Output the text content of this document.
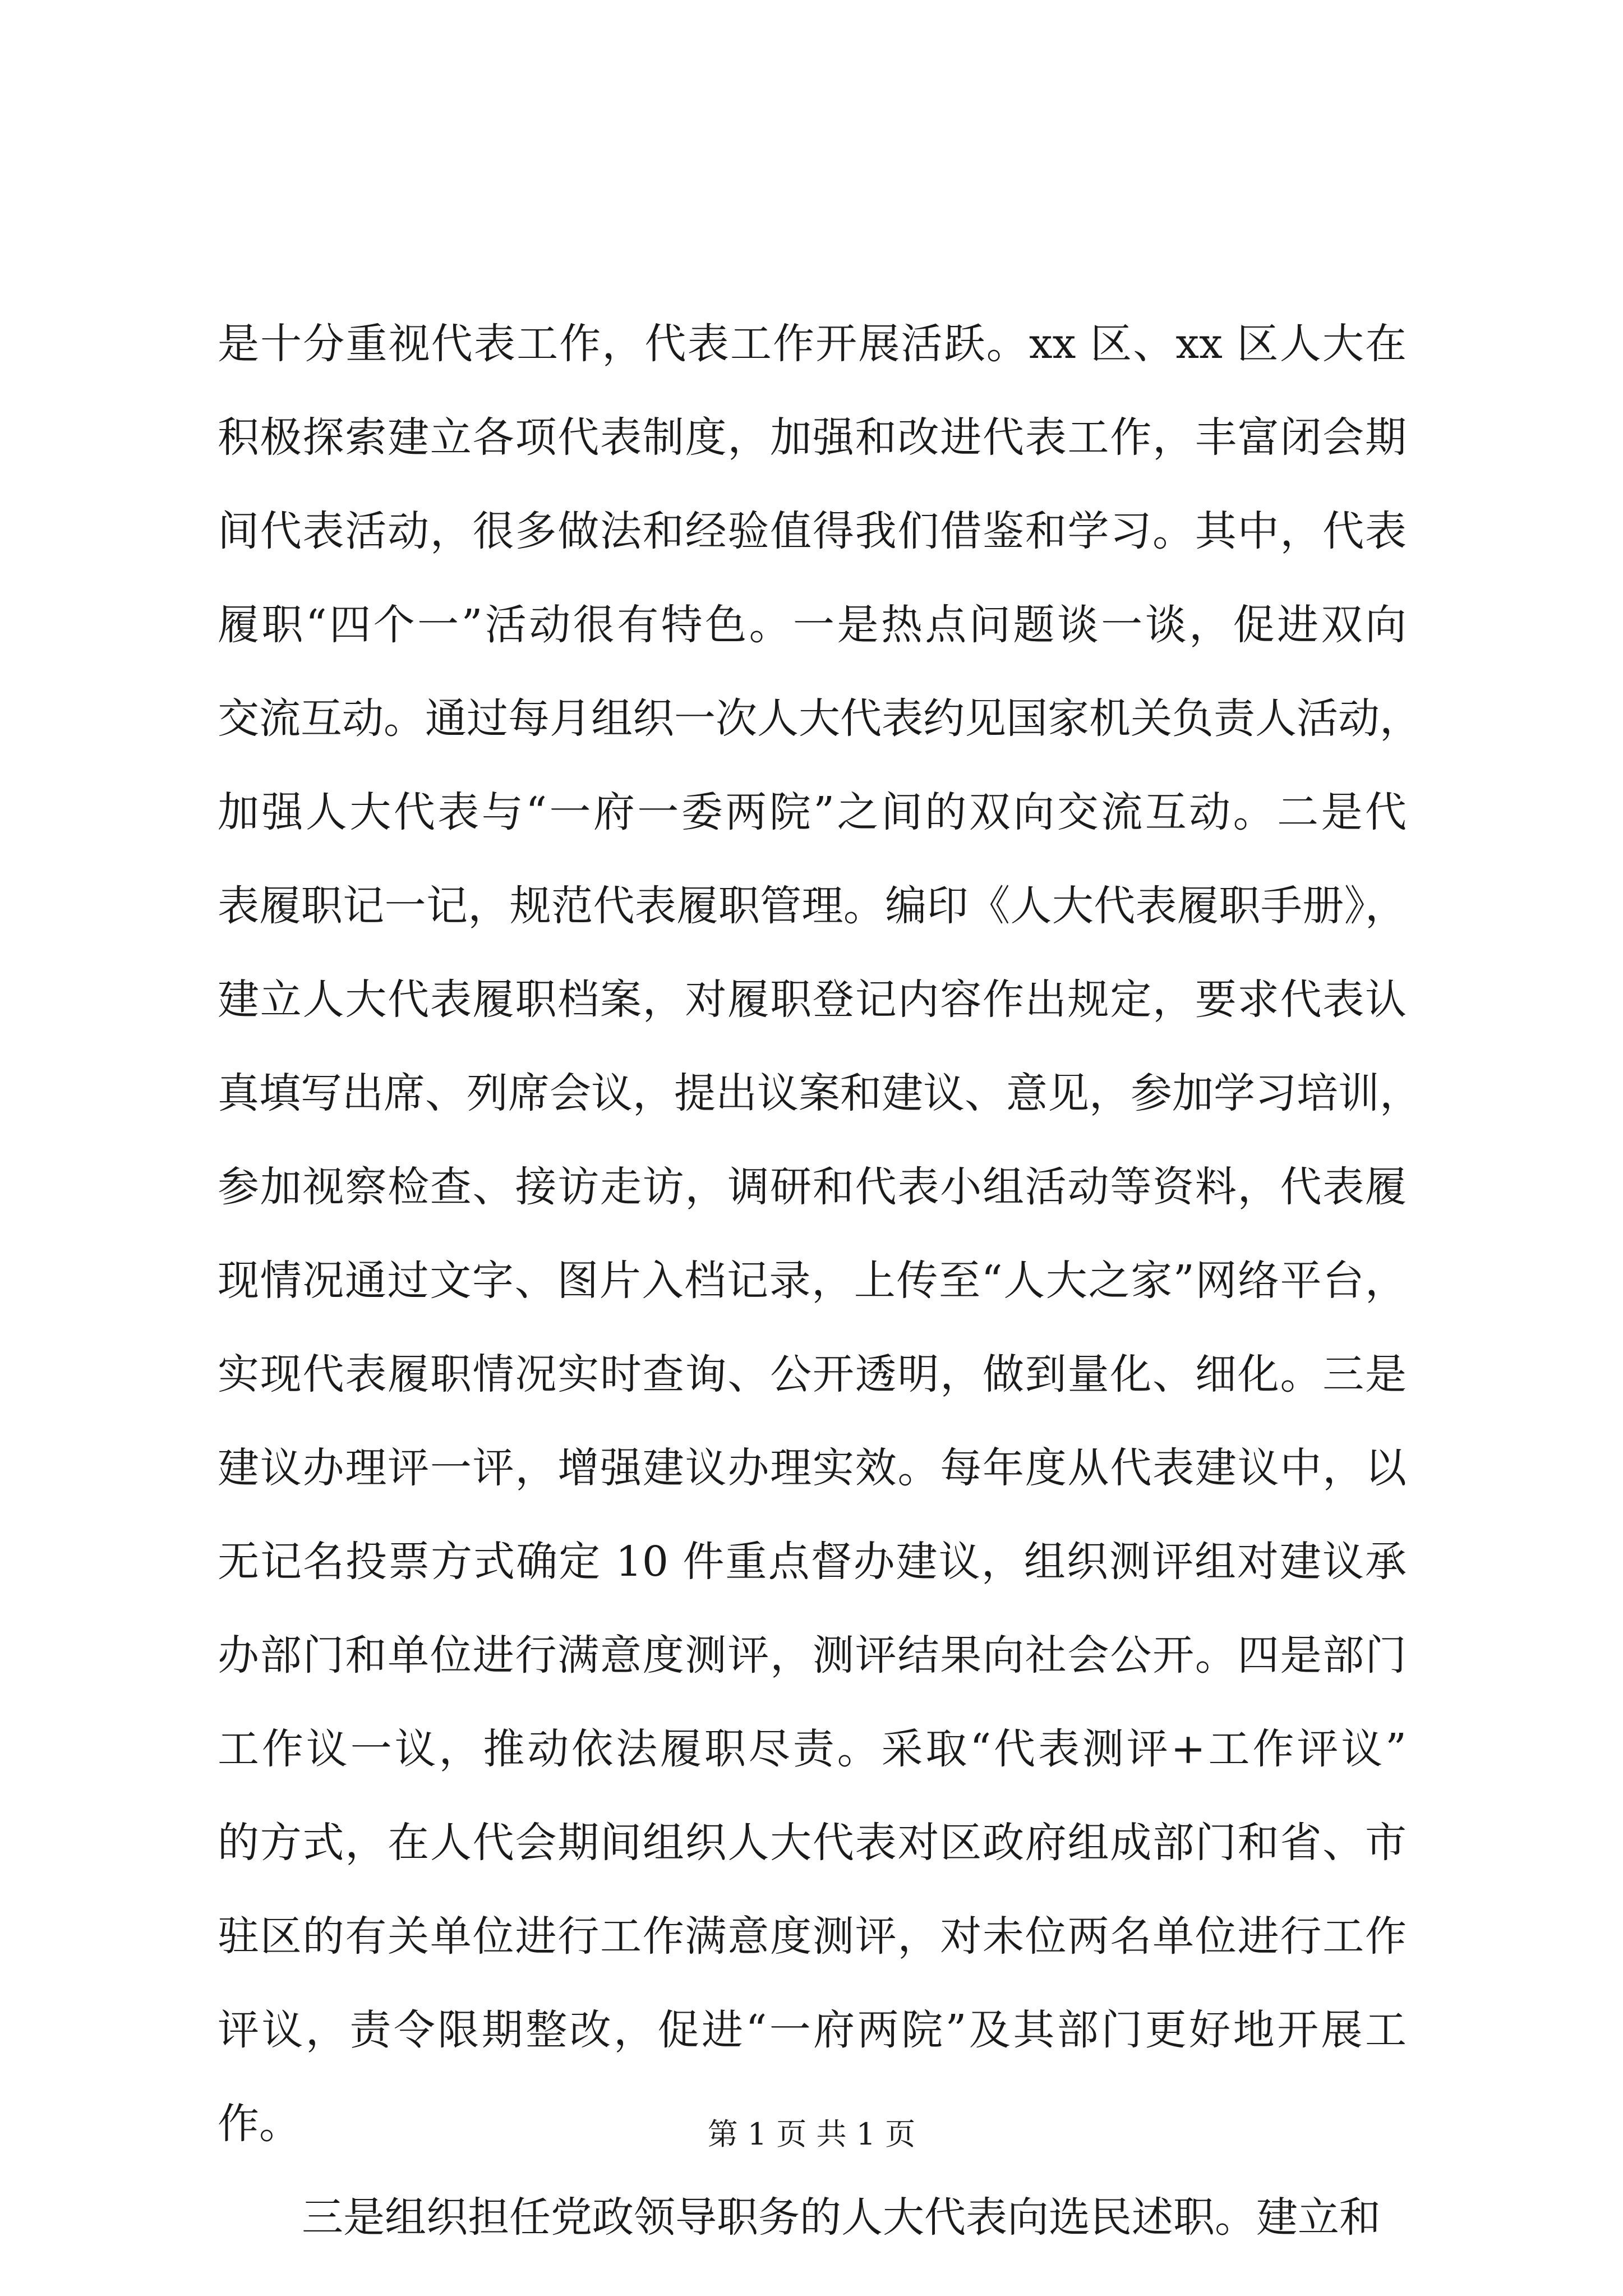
是十分重视代表工作，代表工作开展活跃。xx 区、xx 区人大在
积极探索建立各项代表制度，加强和改进代表工作，丰富闭会期
间代表活动，很多做法和经验值得我们借鉴和学习。其中，代表
履职“四个一”活动很有特色。一是热点问题谈一谈，促进双向
交流互动。通过每月组织一次人大代表约见国家机关负责人活动，
加强人大代表与“一府一委两院”之间的双向交流互动。二是代
表履职记一记，规范代表履职管理。编印《人大代表履职手册》，
建立人大代表履职档案，对履职登记内容作出规定，要求代表认
真填写出席、列席会议，提出议案和建议、意见，参加学习培训，
参加视察检查、接访走访，调研和代表小组活动等资料，代表履
现情况通过文字、图片入档记录，上传至“人大之家”网络平台，
实现代表履职情况实时查询、公开透明，做到量化、细化。三是
建议办理评一评，增强建议办理实效。每年度从代表建议中，以
无记名投票方式确定 10 件重点督办建议，组织测评组对建议承
办部门和单位进行满意度测评，测评结果向社会公开。四是部门
工作议一议，推动依法履职尽责。采取“代表测评+工作评议”
的方式，在人代会期间组织人大代表对区政府组成部门和省、市
驻区的有关单位进行工作满意度测评，对未位两名单位进行工作
评议，责令限期整改，促进“一府两院”及其部门更好地开展工
作。
三是组织担任党政领导职务的人大代表向选民述职。建立和
第 1 页 共 1 页
